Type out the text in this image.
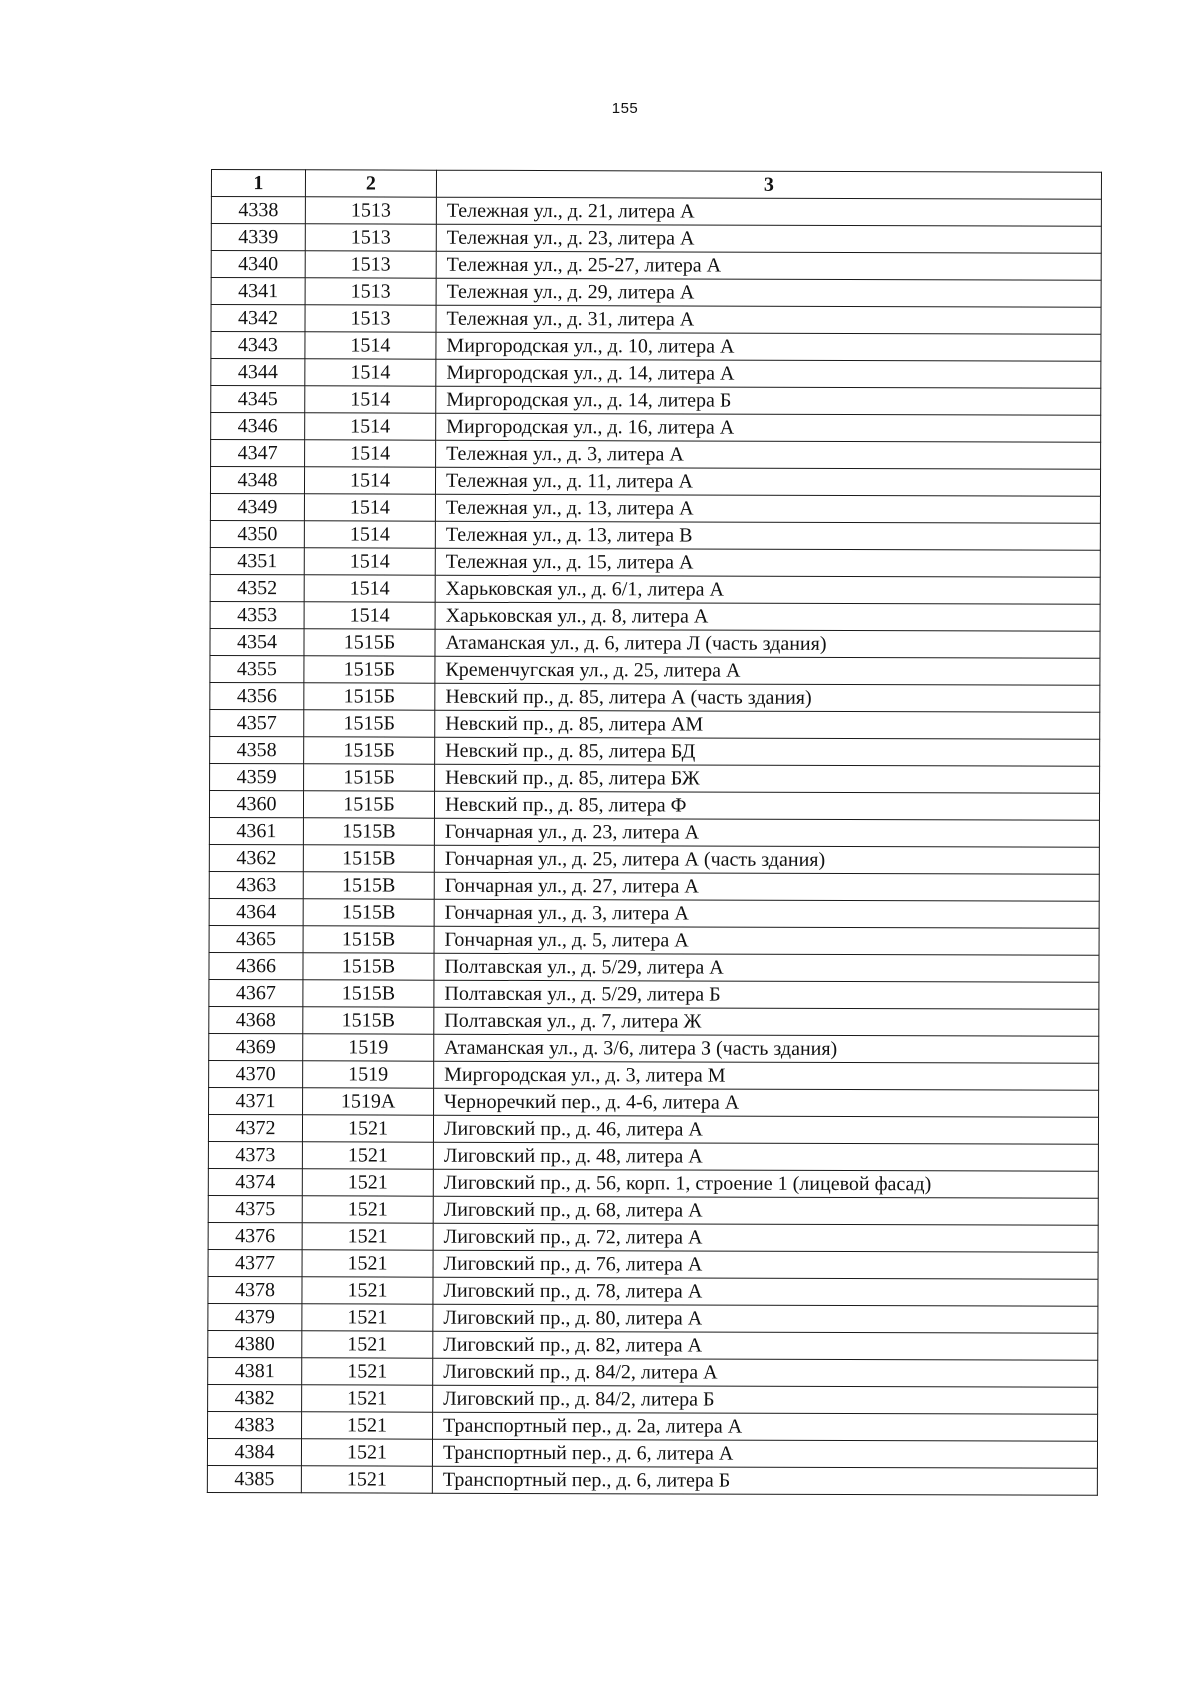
155
1	2	3
4338	1513	Тележная ул., д. 21, литера А
4339	1513	Тележная ул., д. 23, литера А
4340	1513	Тележная ул., д. 25-27, литера А
4341	1513	Тележная ул., д. 29, литера А
4342	1513	Тележная ул., д. 31, литера А
4343	1514	Миргородская ул., д. 10, литера А
4344	1514	Миргородская ул., д. 14, литера А
4345	1514	Миргородская ул., д. 14, литера Б
4346	1514	Миргородская ул., д. 16, литера А
4347	1514	Тележная ул., д. 3, литера А
4348	1514	Тележная ул., д. 11, литера А
4349	1514	Тележная ул., д. 13, литера А
4350	1514	Тележная ул., д. 13, литера В
4351	1514	Тележная ул., д. 15, литера А
4352	1514	Харьковская ул., д. 6/1, литера А
4353	1514	Харьковская ул., д. 8, литера А
4354	1515Б	Атаманская ул., д. 6, литера Л (часть здания)
4355	1515Б	Кременчугская ул., д. 25, литера А
4356	1515Б	Невский пр., д. 85, литера А (часть здания)
4357	1515Б	Невский пр., д. 85, литера АМ
4358	1515Б	Невский пр., д. 85, литера БД
4359	1515Б	Невский пр., д. 85, литера БЖ
4360	1515Б	Невский пр., д. 85, литера Ф
4361	1515В	Гончарная ул., д. 23, литера А
4362	1515В	Гончарная ул., д. 25, литера А (часть здания)
4363	1515В	Гончарная ул., д. 27, литера А
4364	1515В	Гончарная ул., д. 3, литера А
4365	1515В	Гончарная ул., д. 5, литера А
4366	1515В	Полтавская ул., д. 5/29, литера А
4367	1515В	Полтавская ул., д. 5/29, литера Б
4368	1515В	Полтавская ул., д. 7, литера Ж
4369	1519	Атаманская ул., д. 3/6, литера З (часть здания)
4370	1519	Миргородская ул., д. 3, литера М
4371	1519А	Черноречкий пер., д. 4-6, литера А
4372	1521	Лиговский пр., д. 46, литера А
4373	1521	Лиговский пр., д. 48, литера А
4374	1521	Лиговский пр., д. 56, корп. 1, строение 1 (лицевой фасад)
4375	1521	Лиговский пр., д. 68, литера А
4376	1521	Лиговский пр., д. 72, литера А
4377	1521	Лиговский пр., д. 76, литера А
4378	1521	Лиговский пр., д. 78, литера А
4379	1521	Лиговский пр., д. 80, литера А
4380	1521	Лиговский пр., д. 82, литера А
4381	1521	Лиговский пр., д. 84/2, литера А
4382	1521	Лиговский пр., д. 84/2, литера Б
4383	1521	Транспортный пер., д. 2а, литера А
4384	1521	Транспортный пер., д. 6, литера А
4385	1521	Транспортный пер., д. 6, литера Б
